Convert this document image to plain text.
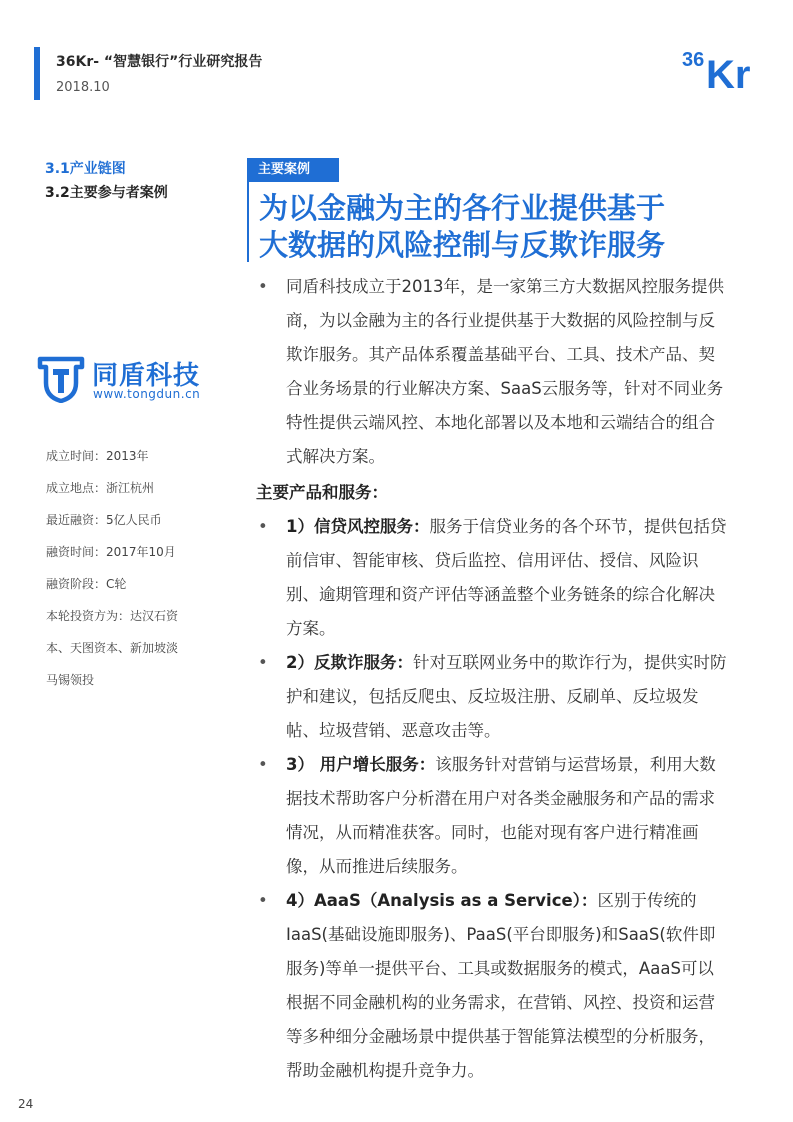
36Kr- “智慧银行”行业研究报告
2018.10
36 Kr
3.1产业链图
3.2主要参与者案例
同盾科技
www.tongdun.cn
成立时间：2013年
成立地点：浙江杭州
最近融资：5亿人民币
融资时间：2017年10月
融资阶段：C轮
本轮投资方为：达汉石资
本、天图资本、新加坡淡
马锡领投
主要案例
为以金融为主的各行业提供基于
大数据的风险控制与反欺诈服务
• 同盾科技成立于2013年，是一家第三方大数据风控服务提供商，为以金融为主的各行业提供基于大数据的风险控制与反欺诈服务。其产品体系覆盖基础平台、工具、技术产品、契合业务场景的行业解决方案、SaaS云服务等，针对不同业务特性提供云端风控、本地化部署以及本地和云端结合的组合式解决方案。
主要产品和服务：
• 1）信贷风控服务：服务于信贷业务的各个环节，提供包括贷前信审、智能审核、贷后监控、信用评估、授信、风险识别、逾期管理和资产评估等涵盖整个业务链条的综合化解决方案。
• 2）反欺诈服务：针对互联网业务中的欺诈行为，提供实时防护和建议，包括反爬虫、反垃圾注册、反刷单、反垃圾发帖、垃圾营销、恶意攻击等。
• 3） 用户增长服务：该服务针对营销与运营场景，利用大数据技术帮助客户分析潜在用户对各类金融服务和产品的需求情况，从而精准获客。同时，也能对现有客户进行精准画像，从而推进后续服务。
• 4）AaaS（Analysis as a Service）：区别于传统的IaaS(基础设施即服务)、PaaS(平台即服务)和SaaS(软件即服务)等单一提供平台、工具或数据服务的模式，AaaS可以根据不同金融机构的业务需求，在营销、风控、投资和运营等多种细分金融场景中提供基于智能算法模型的分析服务，帮助金融机构提升竞争力。
24
